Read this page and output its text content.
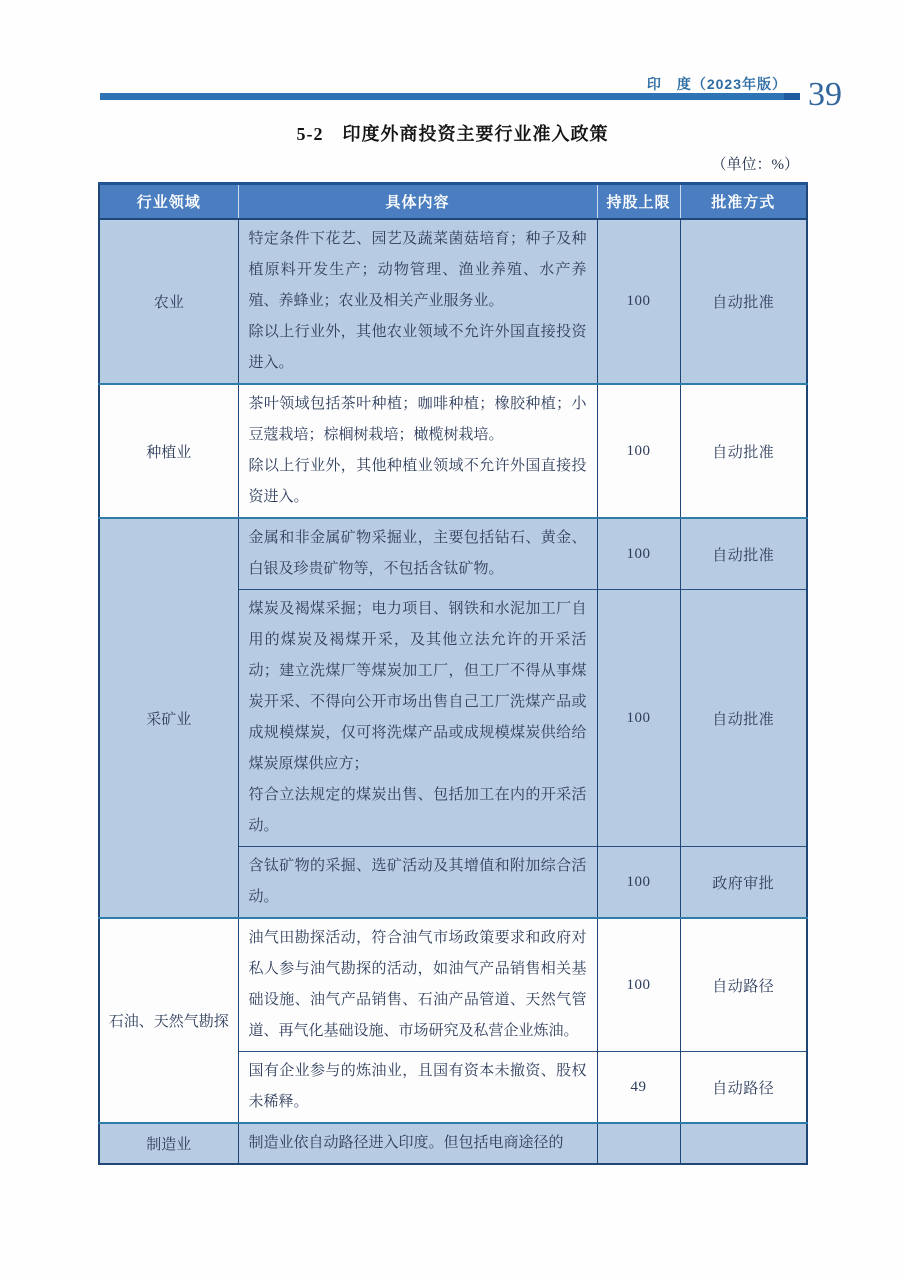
印　度（2023年版） 39
5-2　印度外商投资主要行业准入政策
（单位：%）
行业领域	具体内容	持股上限	批准方式
农业	特定条件下花艺、园艺及蔬菜菌菇培育；种子及种植原料开发生产；动物管理、渔业养殖、水产养殖、养蜂业；农业及相关产业服务业。
除以上行业外，其他农业领域不允许外国直接投资进入。	100	自动批准
种植业	茶叶领域包括茶叶种植；咖啡种植；橡胶种植；小豆蔻栽培；棕榈树栽培；橄榄树栽培。
除以上行业外，其他种植业领域不允许外国直接投资进入。	100	自动批准
采矿业	金属和非金属矿物采掘业，主要包括钻石、黄金、白银及珍贵矿物等，不包括含钛矿物。	100	自动批准

	煤炭及褐煤采掘；电力项目、钢铁和水泥加工厂自用的煤炭及褐煤开采，及其他立法允许的开采活动；建立洗煤厂等煤炭加工厂，但工厂不得从事煤炭开采、不得向公开市场出售自己工厂洗煤产品或成规模煤炭，仅可将洗煤产品或成规模煤炭供给给煤炭原煤供应方；
符合立法规定的煤炭出售、包括加工在内的开采活动。	100	自动批准

	含钛矿物的采掘、选矿活动及其增值和附加综合活动。	100	政府审批
石油、天然气勘探	油气田勘探活动，符合油气市场政策要求和政府对私人参与油气勘探的活动，如油气产品销售相关基础设施、油气产品销售、石油产品管道、天然气管道、再气化基础设施、市场研究及私营企业炼油。	100	自动路径

	国有企业参与的炼油业，且国有资本未撤资、股权未稀释。	49	自动路径
制造业	制造业依自动路径进入印度。但包括电商途径的		
